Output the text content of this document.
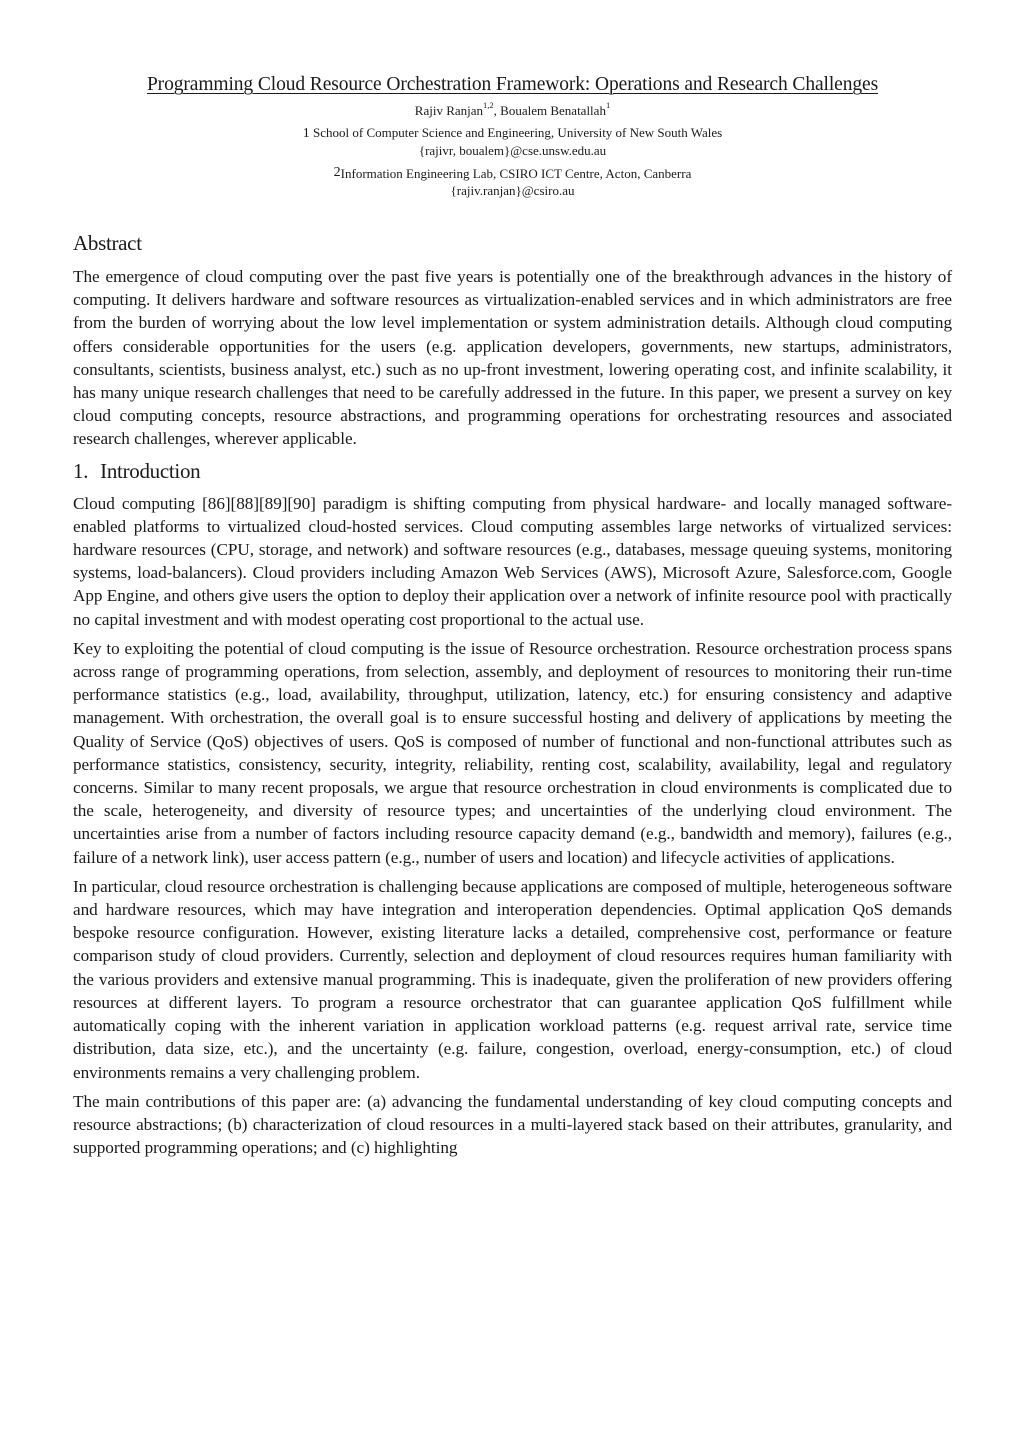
Programming Cloud Resource Orchestration Framework: Operations and Research Challenges
Rajiv Ranjan$^{1,2}$, Boualem Benatallah$^1$
1 School of Computer Science and Engineering, University of New South Wales
{rajivr, boualem}@cse.unsw.edu.au
2Information Engineering Lab, CSIRO ICT Centre, Acton, Canberra
{rajiv.ranjan}@csiro.au
Abstract

The emergence of cloud computing over the past five years is potentially one of the breakthrough advances in the history of computing. It delivers hardware and software resources as virtualization-enabled services and in which administrators are free from the burden of worrying about the low level implementation or system administration details. Although cloud computing offers considerable opportunities for the users (e.g. application developers, governments, new startups, administrators, consultants, scientists, business analyst, etc.) such as no up-front investment, lowering operating cost, and infinite scalability, it has many unique research challenges that need to be carefully addressed in the future. In this paper, we present a survey on key cloud computing concepts, resource abstractions, and programming operations for orchestrating resources and associated research challenges, wherever applicable.

1. Introduction

Cloud computing [86][88][89][90] paradigm is shifting computing from physical hardware- and locally managed software-enabled platforms to virtualized cloud-hosted services. Cloud computing assembles large networks of virtualized services: hardware resources (CPU, storage, and network) and software resources (e.g., databases, message queuing systems, monitoring systems, load-balancers). Cloud providers including Amazon Web Services (AWS), Microsoft Azure, Salesforce.com, Google App Engine, and others give users the option to deploy their application over a network of infinite resource pool with practically no capital investment and with modest operating cost proportional to the actual use.

Key to exploiting the potential of cloud computing is the issue of Resource orchestration. Resource orchestration process spans across range of programming operations, from selection, assembly, and deployment of resources to monitoring their run-time performance statistics (e.g., load, availability, throughput, utilization, latency, etc.) for ensuring consistency and adaptive management. With orchestration, the overall goal is to ensure successful hosting and delivery of applications by meeting the Quality of Service (QoS) objectives of users. QoS is composed of number of functional and non-functional attributes such as performance statistics, consistency, security, integrity, reliability, renting cost, scalability, availability, legal and regulatory concerns. Similar to many recent proposals, we argue that resource orchestration in cloud environments is complicated due to the scale, heterogeneity, and diversity of resource types; and uncertainties of the underlying cloud environment. The uncertainties arise from a number of factors including resource capacity demand (e.g., bandwidth and memory), failures (e.g., failure of a network link), user access pattern (e.g., number of users and location) and lifecycle activities of applications.

In particular, cloud resource orchestration is challenging because applications are composed of multiple, heterogeneous software and hardware resources, which may have integration and interoperation dependencies. Optimal application QoS demands bespoke resource configuration. However, existing literature lacks a detailed, comprehensive cost, performance or feature comparison study of cloud providers. Currently, selection and deployment of cloud resources requires human familiarity with the various providers and extensive manual programming. This is inadequate, given the proliferation of new providers offering resources at different layers. To program a resource orchestrator that can guarantee application QoS fulfillment while automatically coping with the inherent variation in application workload patterns (e.g. request arrival rate, service time distribution, data size, etc.), and the uncertainty (e.g. failure, congestion, overload, energy-consumption, etc.) of cloud environments remains a very challenging problem.

The main contributions of this paper are: (a) advancing the fundamental understanding of key cloud computing concepts and resource abstractions; (b) characterization of cloud resources in a multi-layered stack based on their attributes, granularity, and supported programming operations; and (c) highlighting
